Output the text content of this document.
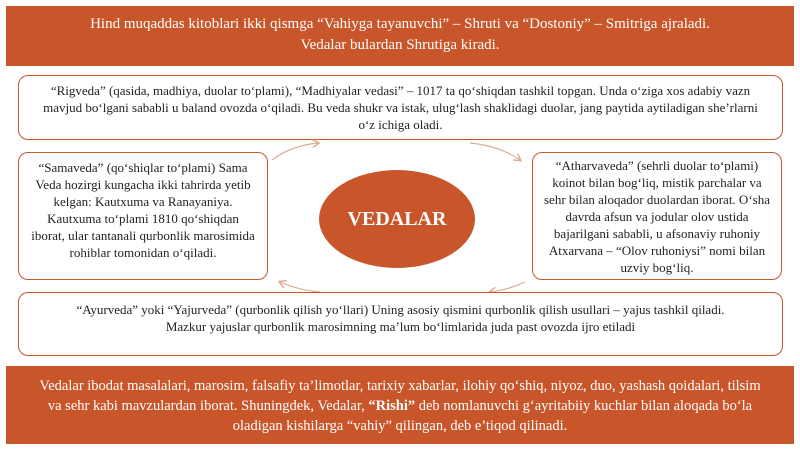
Hind muqaddas kitoblari ikki qismga “Vahiyga tayanuvchi” – Shruti va “Dostoniy” – Smitriga ajraladi.
Vedalar bulardan Shrutiga kiradi.
“Rigveda” (qasida, madhiya, duolar to‘plami), “Madhiyalar vedasi” – 1017 ta qo‘shiqdan tashkil topgan. Unda o‘ziga xos adabiy vazn mavjud bo‘lgani sababli u baland ovozda o‘qiladi. Bu veda shukr va istak, ulug‘lash shaklidagi duolar, jang paytida aytiladigan she’rlarni o‘z ichiga oladi.
“Samaveda” (qo‘shiqlar to‘plami) Sama Veda hozirgi kungacha ikki tahrirda yetib kelgan: Kautxuma va Ranayaniya. Kautxuma to‘plami 1810 qo‘shiqdan iborat, ular tantanali qurbonlik marosimida rohiblar tomonidan o‘qiladi.
“Atharvaveda” (sehrli duolar to‘plami) koinot bilan bog‘liq, mistik parchalar va sehr bilan aloqador duolardan iborat. O‘sha davrda afsun va jodular olov ustida bajarilgani sababli, u afsonaviy ruhoniy Atxarvana – “Olov ruhoniysi” nomi bilan uzviy bog‘liq.
VEDALAR
“Ayurveda” yoki “Yajurveda” (qurbonlik qilish yo‘llari) Uning asosiy qismini qurbonlik qilish usullari – yajus tashkil qiladi.
Mazkur yajuslar qurbonlik marosimning ma’lum bo‘limlarida juda past ovozda ijro etiladi
Vedalar ibodat masalalari, marosim, falsafiy ta’limotlar, tarixiy xabarlar, ilohiy qo‘shiq, niyoz, duo, yashash qoidalari, tilsim va sehr kabi mavzulardan iborat. Shuningdek, Vedalar, “Rishi” deb nomlanuvchi g‘ayritabiiy kuchlar bilan aloqada bo‘la oladigan kishilarga “vahiy” qilingan, deb e’tiqod qilinadi.
